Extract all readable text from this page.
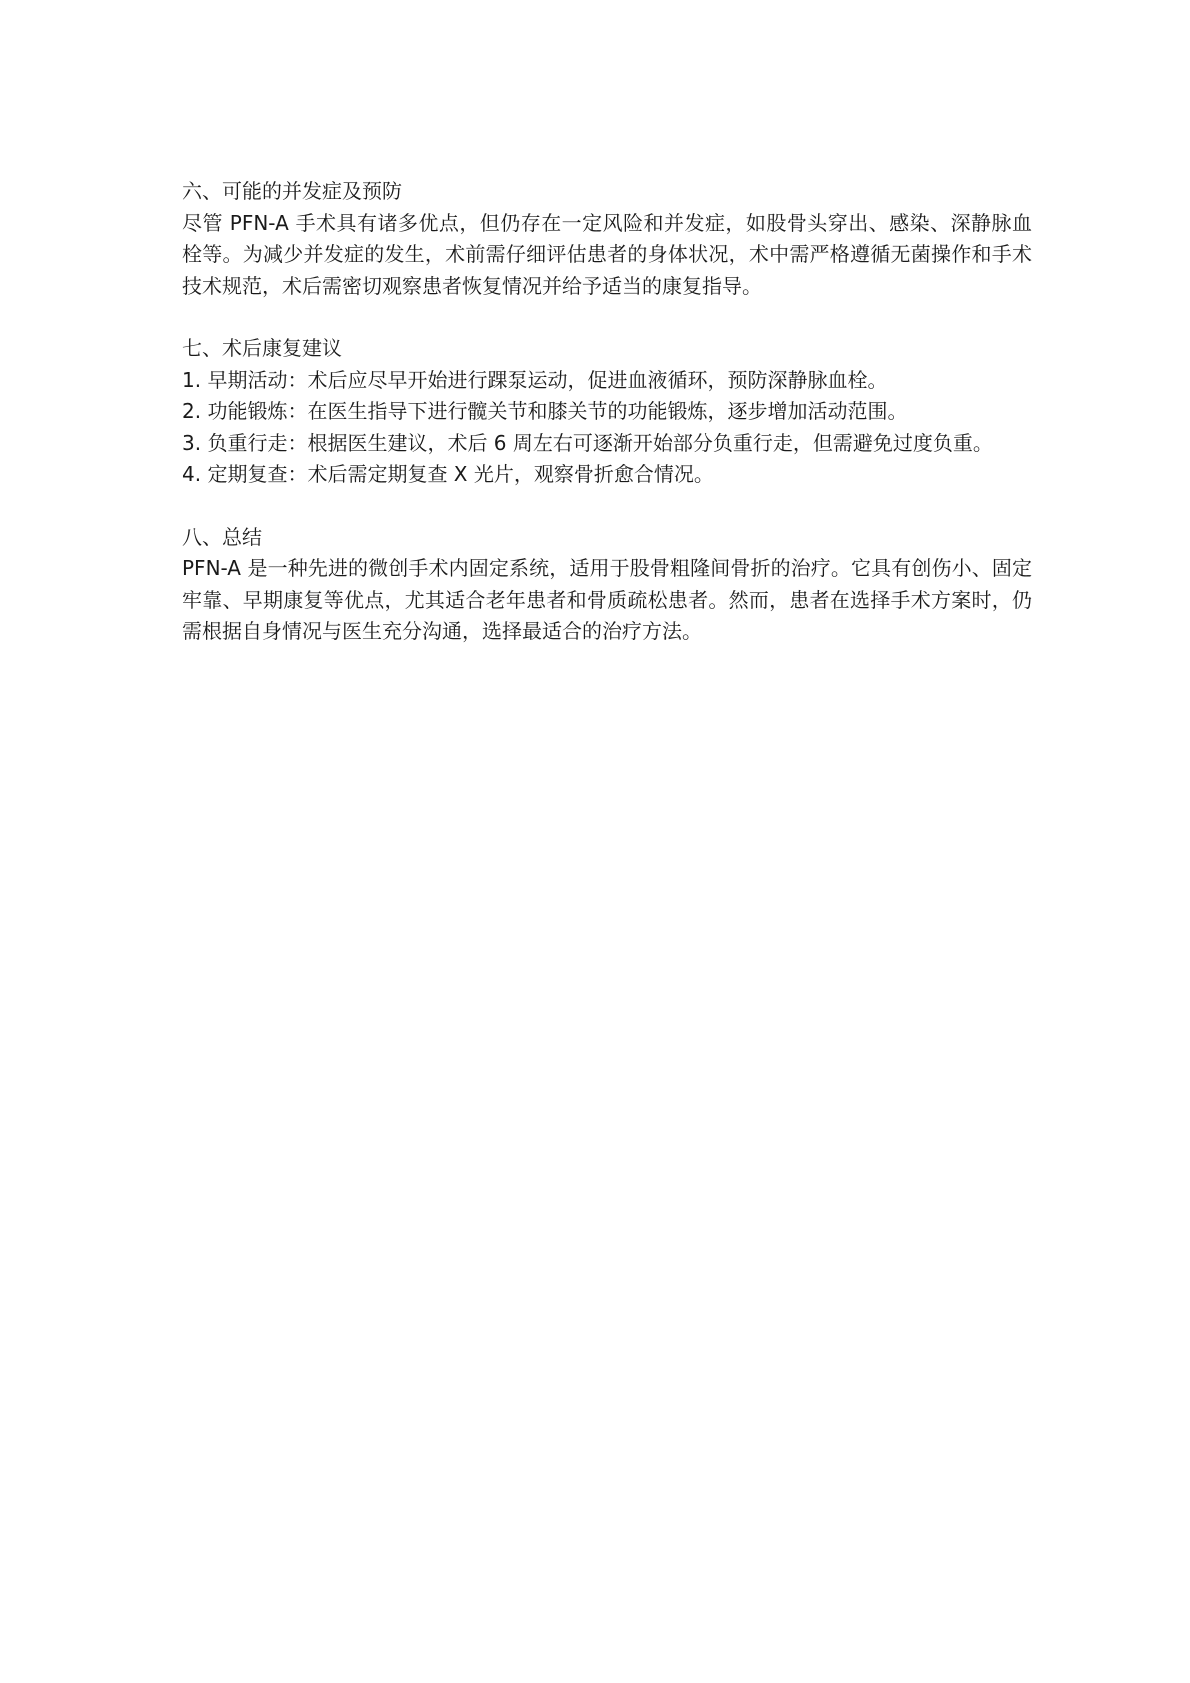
六、可能的并发症及预防

尽管 PFN-A 手术具有诸多优点，但仍存在一定风险和并发症，如股骨头穿出、感染、深静脉血栓等。为减少并发症的发生，术前需仔细评估患者的身体状况，术中需严格遵循无菌操作和手术技术规范，术后需密切观察患者恢复情况并给予适当的康复指导。

七、术后康复建议
1. 早期活动：术后应尽早开始进行踝泵运动，促进血液循环，预防深静脉血栓。
2. 功能锻炼：在医生指导下进行髋关节和膝关节的功能锻炼，逐步增加活动范围。
3. 负重行走：根据医生建议，术后 6 周左右可逐渐开始部分负重行走，但需避免过度负重。
4. 定期复查：术后需定期复查 X 光片，观察骨折愈合情况。
八、总结

PFN-A 是一种先进的微创手术内固定系统，适用于股骨粗隆间骨折的治疗。它具有创伤小、固定牢靠、早期康复等优点，尤其适合老年患者和骨质疏松患者。然而，患者在选择手术方案时，仍需根据自身情况与医生充分沟通，选择最适合的治疗方法。
